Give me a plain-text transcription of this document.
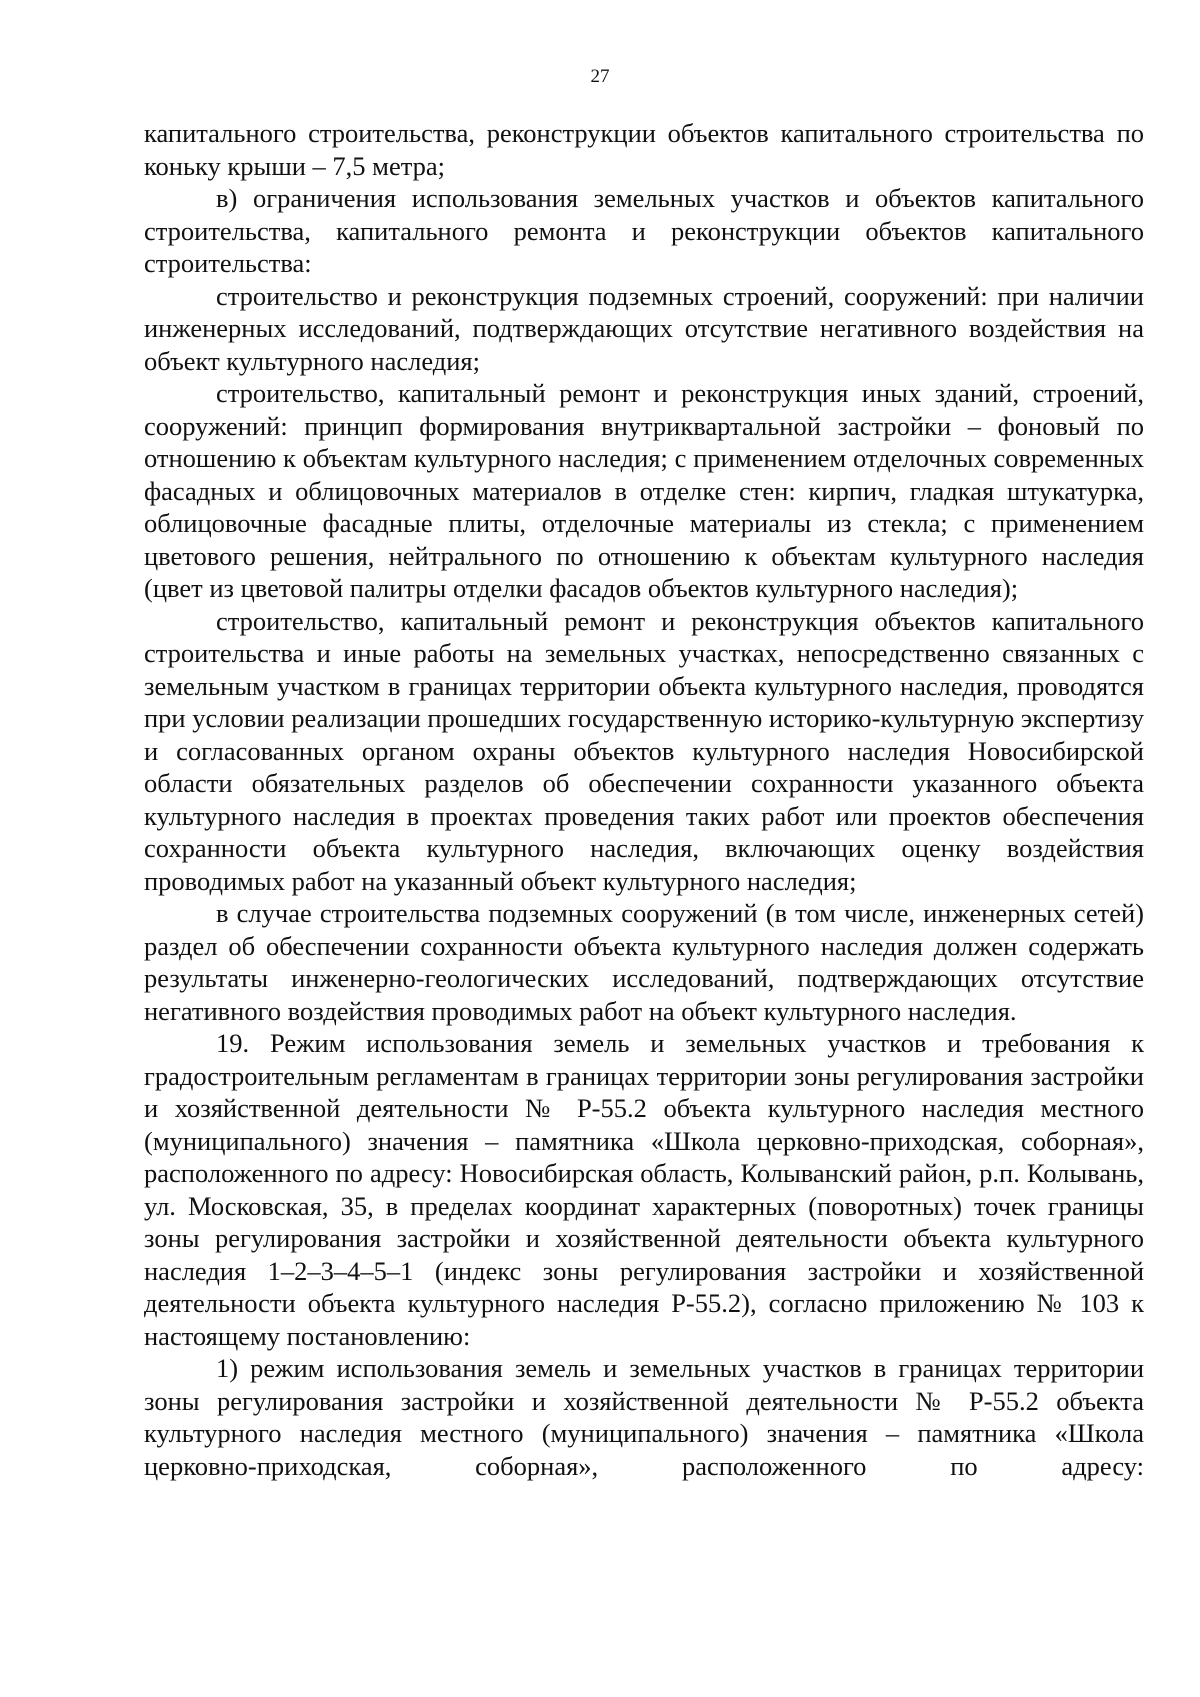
27

капитального строительства, реконструкции объектов капитального строительства по коньку крыши – 7,5 метра;

в) ограничения использования земельных участков и объектов капитального строительства, капитального ремонта и реконструкции объектов капитального строительства:

строительство и реконструкция подземных строений, сооружений: при наличии инженерных исследований, подтверждающих отсутствие негативного воздействия на объект культурного наследия;

строительство, капитальный ремонт и реконструкция иных зданий, строений, сооружений: принцип формирования внутриквартальной застройки – фоновый по отношению к объектам культурного наследия; с применением отделочных современных фасадных и облицовочных материалов в отделке стен: кирпич, гладкая штукатурка, облицовочные фасадные плиты, отделочные материалы из стекла; с применением цветового решения, нейтрального по отношению к объектам культурного наследия (цвет из цветовой палитры отделки фасадов объектов культурного наследия);

строительство, капитальный ремонт и реконструкция объектов капитального строительства и иные работы на земельных участках, непосредственно связанных с земельным участком в границах территории объекта культурного наследия, проводятся при условии реализации прошедших государственную историко-культурную экспертизу и согласованных органом охраны объектов культурного наследия Новосибирской области обязательных разделов об обеспечении сохранности указанного объекта культурного наследия в проектах проведения таких работ или проектов обеспечения сохранности объекта культурного наследия, включающих оценку воздействия проводимых работ на указанный объект культурного наследия;

в случае строительства подземных сооружений (в том числе, инженерных сетей) раздел об обеспечении сохранности объекта культурного наследия должен содержать результаты инженерно-геологических исследований, подтверждающих отсутствие негативного воздействия проводимых работ на объект культурного наследия.

19. Режим использования земель и земельных участков и требования к градостроительным регламентам в границах территории зоны регулирования застройки и хозяйственной деятельности № Р-55.2 объекта культурного наследия местного (муниципального) значения – памятника «Школа церковно-приходская, соборная», расположенного по адресу: Новосибирская область, Колыванский район, р.п. Колывань, ул. Московская, 35, в пределах координат характерных (поворотных) точек границы зоны регулирования застройки и хозяйственной деятельности объекта культурного наследия 1–2–3–4–5–1 (индекс зоны регулирования застройки и хозяйственной деятельности объекта культурного наследия Р-55.2), согласно приложению № 103 к настоящему постановлению:

1) режим использования земель и земельных участков в границах территории зоны регулирования застройки и хозяйственной деятельности № Р-55.2 объекта культурного наследия местного (муниципального) значения – памятника «Школа церковно-приходская, соборная», расположенного по адресу:
